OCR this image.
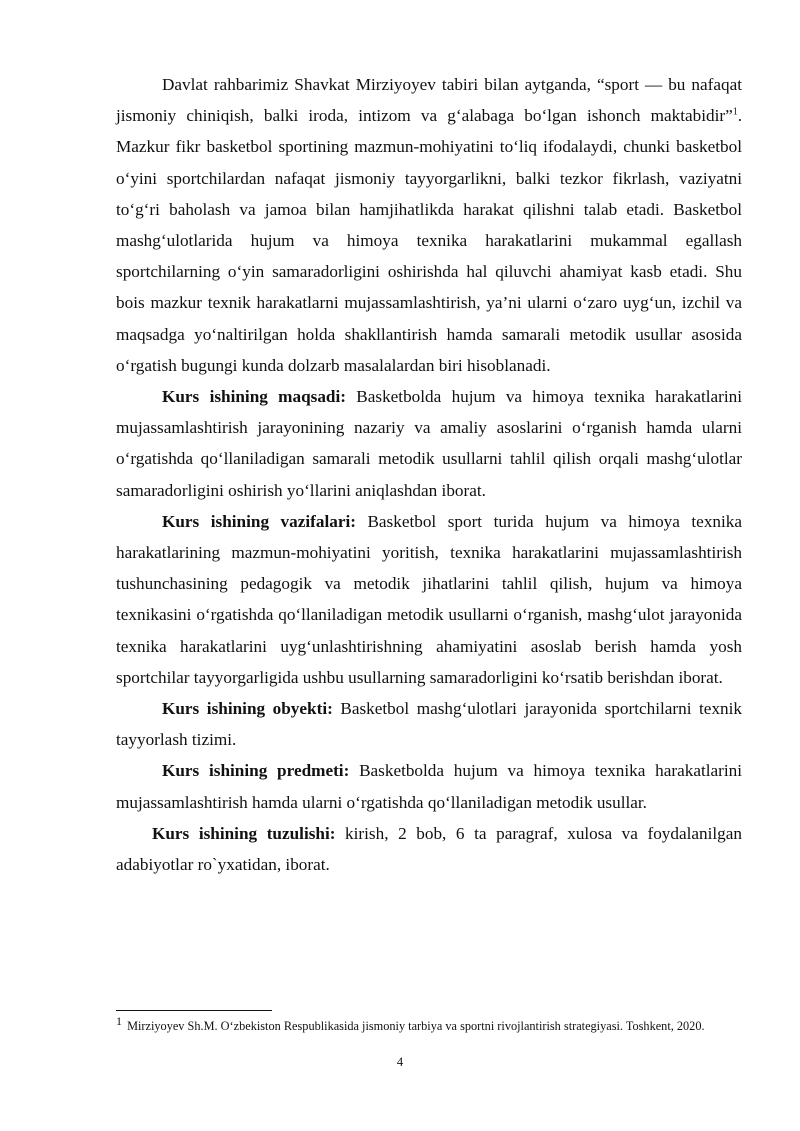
Davlat rahbarimiz Shavkat Mirziyoyev tabiri bilan aytganda, “sport — bu nafaqat jismoniy chiniqish, balki iroda, intizom va g‘alabaga bo‘lgan ishonch maktabidir”$^1$. Mazkur fikr basketbol sportining mazmun-mohiyatini to‘liq ifodalaydi, chunki basketbol o‘yini sportchilardan nafaqat jismoniy tayyorgarlikni, balki tezkor fikrlash, vaziyatni to‘g‘ri baholash va jamoa bilan hamjihatlikda harakat qilishni talab etadi. Basketbol mashg‘ulotlarida hujum va himoya texnika harakatlarini mukammal egallash sportchilarning o‘yin samaradorligini oshirishda hal qiluvchi ahamiyat kasb etadi. Shu bois mazkur texnik harakatlarni mujassamlashtirish, ya’ni ularni o‘zaro uyg‘un, izchil va maqsadga yo‘naltirilgan holda shakllantirish hamda samarali metodik usullar asosida o‘rgatish bugungi kunda dolzarb masalalardan biri hisoblanadi.

Kurs ishining maqsadi: Basketbolda hujum va himoya texnika harakatlarini mujassamlashtirish jarayonining nazariy va amaliy asoslarini o‘rganish hamda ularni o‘rgatishda qo‘llaniladigan samarali metodik usullarni tahlil qilish orqali mashg‘ulotlar samaradorligini oshirish yo‘llarini aniqlashdan iborat.

Kurs ishining vazifalari: Basketbol sport turida hujum va himoya texnika harakatlarining mazmun-mohiyatini yoritish, texnika harakatlarini mujassamlashtirish tushunchasining pedagogik va metodik jihatlarini tahlil qilish, hujum va himoya texnikasini o‘rgatishda qo‘llaniladigan metodik usullarni o‘rganish, mashg‘ulot jarayonida texnika harakatlarini uyg‘unlashtirishning ahamiyatini asoslab berish hamda yosh sportchilar tayyorgarligida ushbu usullarning samaradorligini ko‘rsatib berishdan iborat.

Kurs ishining obyekti: Basketbol mashg‘ulotlari jarayonida sportchilarni texnik tayyorlash tizimi.

Kurs ishining predmeti: Basketbolda hujum va himoya texnika harakatlarini mujassamlashtirish hamda ularni o‘rgatishda qo‘llaniladigan metodik usullar.

Kurs ishining tuzulishi: kirish, 2 bob, 6 ta paragraf, xulosa va foydalanilgan adabiyotlar ro`yxatidan, iborat.

1 Mirziyoyev Sh.M. O‘zbekiston Respublikasida jismoniy tarbiya va sportni rivojlantirish strategiyasi. Toshkent, 2020.
4
